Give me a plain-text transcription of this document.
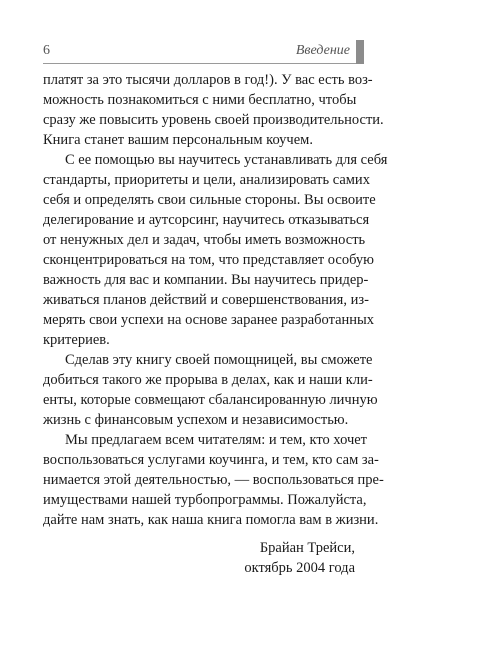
6	Введение
платят за это тысячи долларов в год!). У вас есть воз-
можность познакомиться с ними бесплатно, чтобы
сразу же повысить уровень своей производительности.
Книга станет вашим персональным коучем.
С ее помощью вы научитесь устанавливать для себя
стандарты, приоритеты и цели, анализировать самих
себя и определять свои сильные стороны. Вы освоите
делегирование и аутсорсинг, научитесь отказываться
от ненужных дел и задач, чтобы иметь возможность
сконцентрироваться на том, что представляет особую
важность для вас и компании. Вы научитесь придер-
живаться планов действий и совершенствования, из-
мерять свои успехи на основе заранее разработанных
критериев.
Сделав эту книгу своей помощницей, вы сможете
добиться такого же прорыва в делах, как и наши кли-
енты, которые совмещают сбалансированную личную
жизнь с финансовым успехом и независимостью.
Мы предлагаем всем читателям: и тем, кто хочет
воспользоваться услугами коучинга, и тем, кто сам за-
нимается этой деятельностью, — воспользоваться пре-
имуществами нашей турбопрограммы. Пожалуйста,
дайте нам знать, как наша книга помогла вам в жизни.
Брайан Трейси,
октябрь 2004 года
